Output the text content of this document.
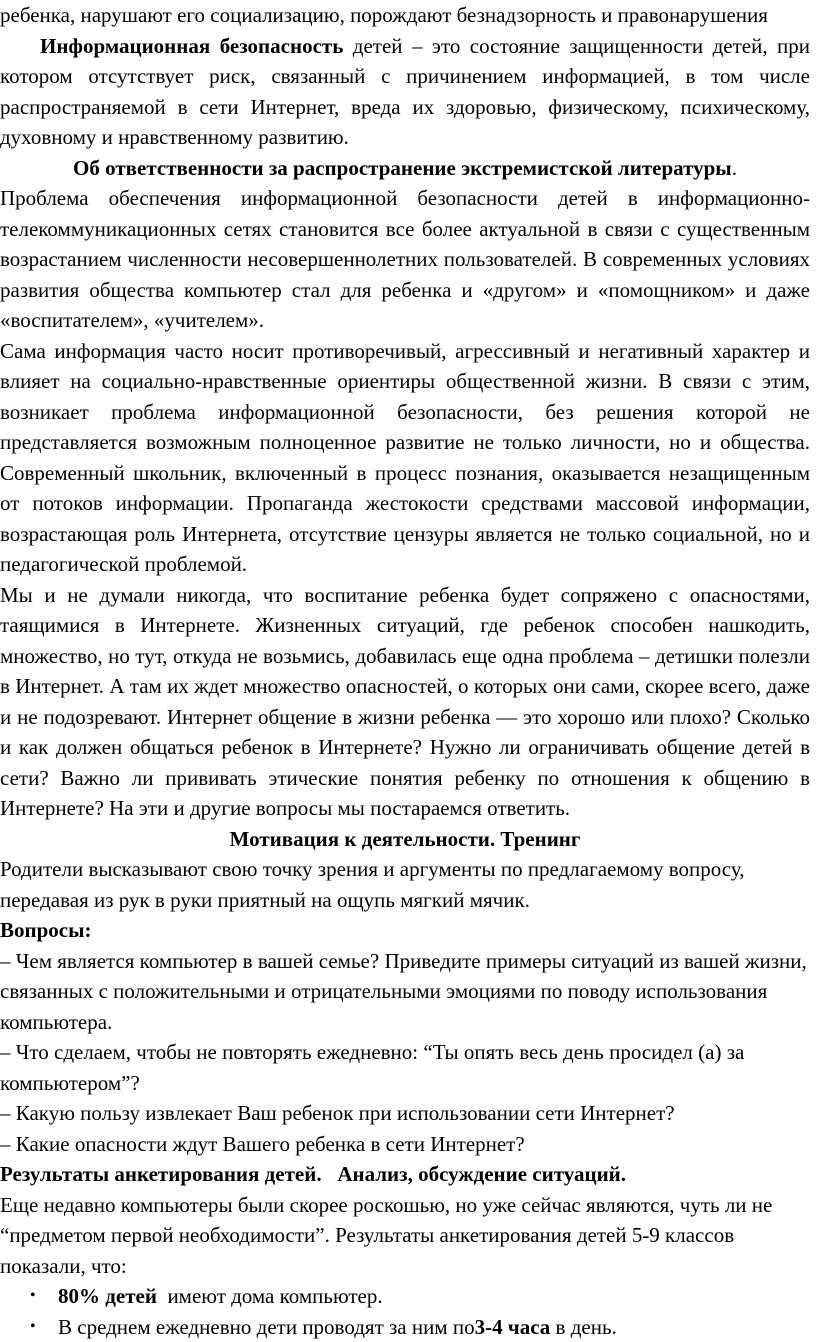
ребенка, нарушают его социализацию, порождают безнадзорность и правонарушения

Информационная безопасность детей – это состояние защищенности детей, при котором отсутствует риск, связанный с причинением информацией, в том числе распространяемой в сети Интернет, вреда их здоровью, физическому, психическому, духовному и нравственному развитию.

Об ответственности за распространение экстремистской литературы.

Проблема обеспечения информационной безопасности детей в информационно-телекоммуникационных сетях становится все более актуальной в связи с существенным возрастанием численности несовершеннолетних пользователей. В современных условиях развития общества компьютер стал для ребенка и «другом» и «помощником» и даже «воспитателем», «учителем».

Сама информация часто носит противоречивый, агрессивный и негативный характер и влияет на социально-нравственные ориентиры общественной жизни. В связи с этим, возникает проблема информационной безопасности, без решения которой не представляется возможным полноценное развитие не только личности, но и общества. Современный школьник, включенный в процесс познания, оказывается незащищенным от потоков информации. Пропаганда жестокости средствами массовой информации, возрастающая роль Интернета, отсутствие цензуры является не только социальной, но и педагогической проблемой.

Мы и не думали никогда, что воспитание ребенка будет сопряжено с опасностями, таящимися в Интернете. Жизненных ситуаций, где ребенок способен нашкодить, множество, но тут, откуда не возьмись, добавилась еще одна проблема – детишки полезли в Интернет. А там их ждет множество опасностей, о которых они сами, скорее всего, даже и не подозревают. Интернет общение в жизни ребенка — это хорошо или плохо? Сколько и как должен общаться ребенок в Интернете? Нужно ли ограничивать общение детей в сети? Важно ли прививать этические понятия ребенку по отношения к общению в Интернете? На эти и другие вопросы мы постараемся ответить.

Мотивация к деятельности. Тренинг

Родители высказывают свою точку зрения и аргументы по предлагаемому вопросу, передавая из рук в руки приятный на ощупь мягкий мячик.

Вопросы:

– Чем является компьютер в вашей семье? Приведите примеры ситуаций из вашей жизни, связанных с положительными и отрицательными эмоциями по поводу использования компьютера.

– Что сделаем, чтобы не повторять ежедневно: “Ты опять весь день просидел (а) за компьютером”?

– Какую пользу извлекает Ваш ребенок при использовании сети Интернет?

– Какие опасности ждут Вашего ребенка в сети Интернет?

Результаты анкетирования детей.   Анализ, обсуждение ситуаций.

Еще недавно компьютеры были скорее роскошью, но уже сейчас являются, чуть ли не “предметом первой необходимости”. Результаты анкетирования детей 5-9 классов показали, что:

• 80% детей  имеют дома компьютер.
• В среднем ежедневно дети проводят за ним по3-4 часа в день.
